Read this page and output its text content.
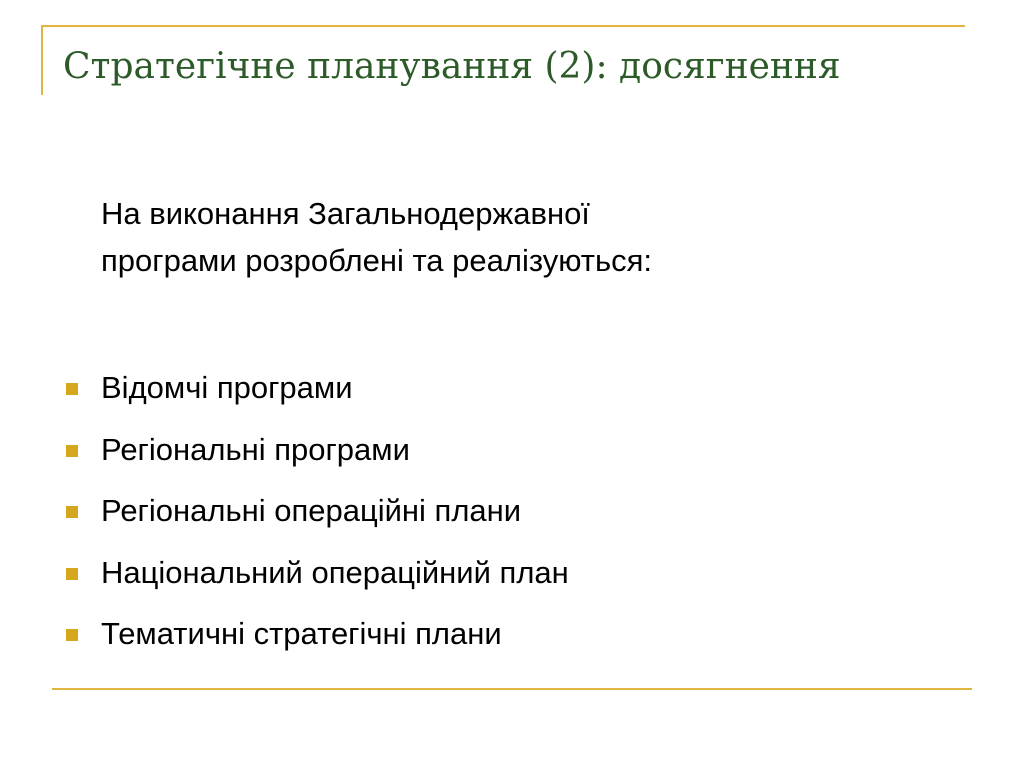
Стратегічне планування (2): досягнення

На виконання Загальнодержавної
програми розроблені та реалізуються:

Відомчі програми
Регіональні програми
Регіональні операційні плани
Національний операційний план
Тематичні стратегічні плани
